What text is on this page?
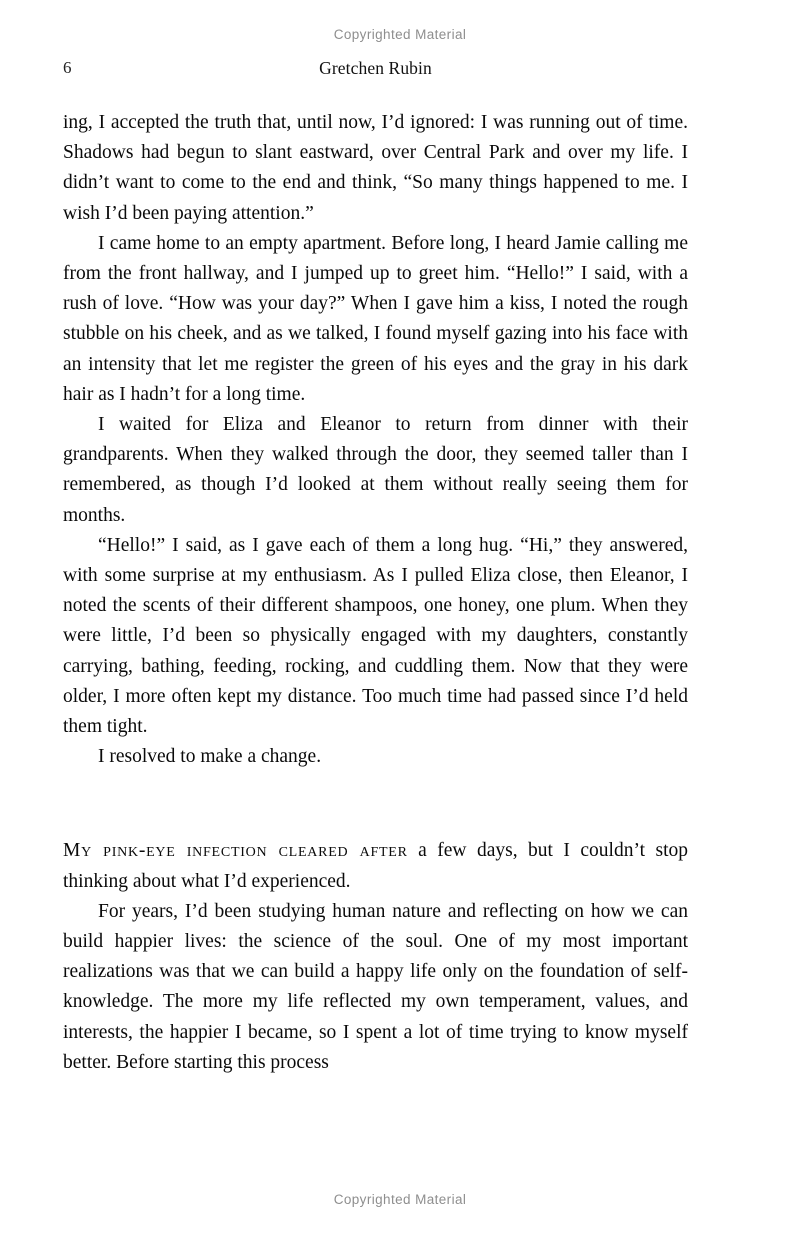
Copyrighted Material
6	Gretchen Rubin

ing, I accepted the truth that, until now, I’d ignored: I was running out of time. Shadows had begun to slant eastward, over Central Park and over my life. I didn’t want to come to the end and think, “So many things happened to me. I wish I’d been paying attention.”

I came home to an empty apartment. Before long, I heard Jamie calling me from the front hallway, and I jumped up to greet him. “Hello!” I said, with a rush of love. “How was your day?” When I gave him a kiss, I noted the rough stubble on his cheek, and as we talked, I found myself gazing into his face with an intensity that let me register the green of his eyes and the gray in his dark hair as I hadn’t for a long time.

I waited for Eliza and Eleanor to return from dinner with their grandparents. When they walked through the door, they seemed taller than I remembered, as though I’d looked at them without really seeing them for months.

“Hello!” I said, as I gave each of them a long hug. “Hi,” they answered, with some surprise at my enthusiasm. As I pulled Eliza close, then Eleanor, I noted the scents of their different shampoos, one honey, one plum. When they were little, I’d been so physically engaged with my daughters, constantly carrying, bathing, feeding, rocking, and cuddling them. Now that they were older, I more often kept my distance. Too much time had passed since I’d held them tight.

I resolved to make a change.

My pink-eye infection cleared after a few days, but I couldn’t stop thinking about what I’d experienced.

For years, I’d been studying human nature and reflecting on how we can build happier lives: the science of the soul. One of my most important realizations was that we can build a happy life only on the foundation of self-knowledge. The more my life reflected my own temperament, values, and interests, the happier I became, so I spent a lot of time trying to know myself better. Before starting this process

Copyrighted Material
